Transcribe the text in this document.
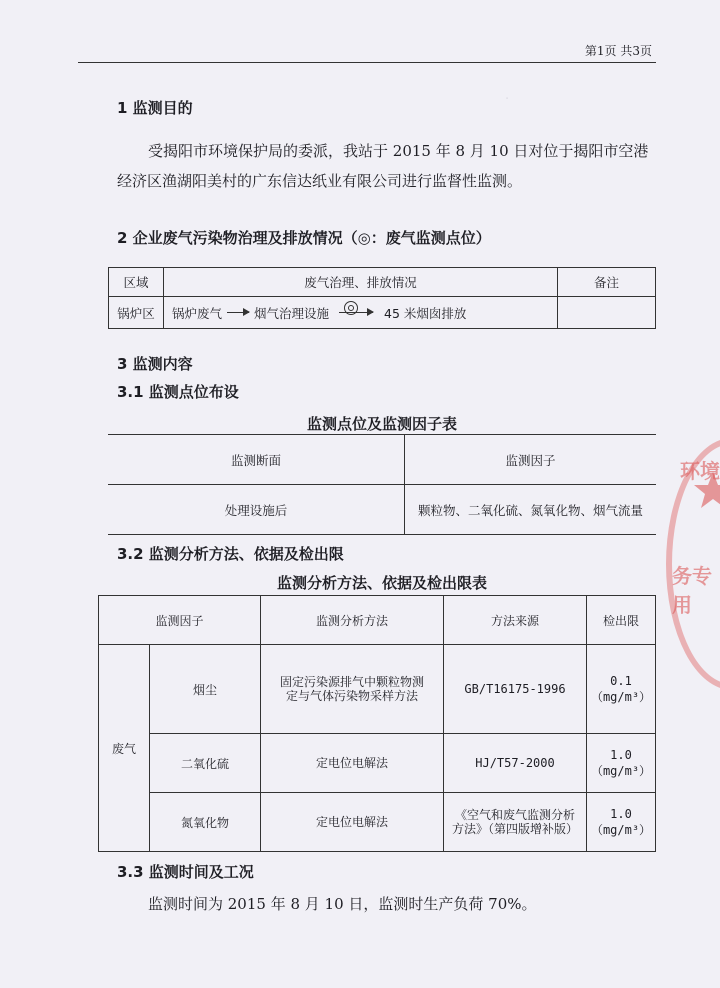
·
第1页 共3页
1 监测目的
受揭阳市环境保护局的委派，我站于 2015 年 8 月 10 日对位于揭阳市空港经济区渔湖阳美村的广东信达纸业有限公司进行监督性监测。
2 企业废气污染物治理及排放情况（◎：废气监测点位）
区域	废气治理、排放情况	备注
锅炉区	锅炉废气 烟气治理设施 45 米烟囱排放	

3 监测内容
3.1 监测点位布设
监测点位及监测因子表
监测断面	监测因子
处理设施后	颗粒物、二氧化硫、氮氧化物、烟气流量
3.2 监测分析方法、依据及检出限
监测分析方法、依据及检出限表
监测因子		监测分析方法	方法来源	检出限
废气	烟尘	固定污染源排气中颗粒物测定与气体污染物采样方法	GB/T16175-1996	0.1（mg/m³）
	二氧化硫	定电位电解法	HJ/T57-2000	1.0（mg/m³）
	氮氧化物	定电位电解法	《空气和废气监测分析方法》（第四版增补版）	1.0（mg/m³）
3.3 监测时间及工况
监测时间为 2015 年 8 月 10 日，监测时生产负荷 70%。
环境
务专用
